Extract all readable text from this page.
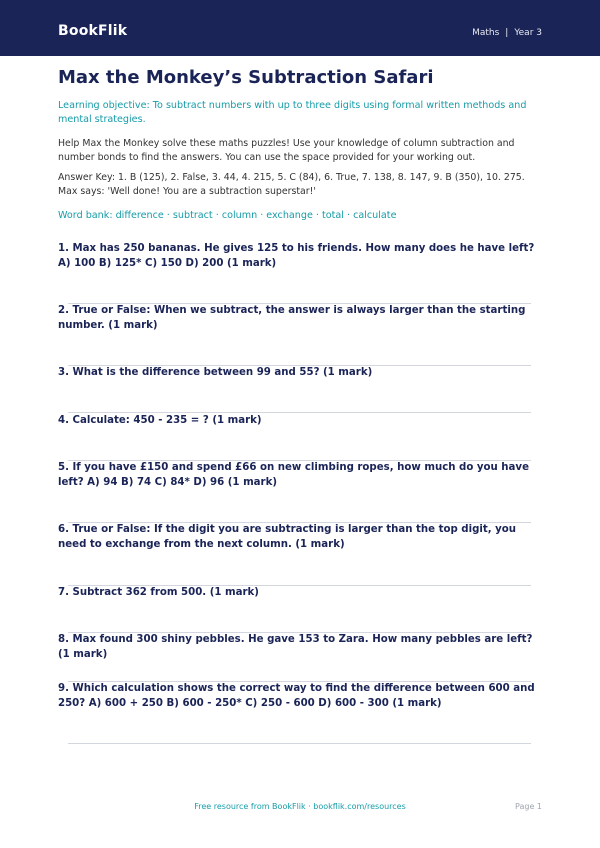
BookFlik	Maths | Year 3
Max the Monkey’s Subtraction Safari
Learning objective: To subtract numbers with up to three digits using formal written methods and mental strategies.
Help Max the Monkey solve these maths puzzles! Use your knowledge of column subtraction and number bonds to find the answers. You can use the space provided for your working out.
Answer Key: 1. B (125), 2. False, 3. 44, 4. 215, 5. C (84), 6. True, 7. 138, 8. 147, 9. B (350), 10. 275. Max says: 'Well done! You are a subtraction superstar!'
Word bank: difference · subtract · column · exchange · total · calculate
1. Max has 250 bananas. He gives 125 to his friends. How many does he have left? A) 100 B) 125* C) 150 D) 200 (1 mark)
2. True or False: When we subtract, the answer is always larger than the starting number. (1 mark)
3. What is the difference between 99 and 55? (1 mark)
4. Calculate: 450 - 235 = ? (1 mark)
5. If you have £150 and spend £66 on new climbing ropes, how much do you have left? A) 94 B) 74 C) 84* D) 96 (1 mark)
6. True or False: If the digit you are subtracting is larger than the top digit, you need to exchange from the next column. (1 mark)
7. Subtract 362 from 500. (1 mark)
8. Max found 300 shiny pebbles. He gave 153 to Zara. How many pebbles are left? (1 mark)
9. Which calculation shows the correct way to find the difference between 600 and 250? A) 600 + 250 B) 600 - 250* C) 250 - 600 D) 600 - 300 (1 mark)
Free resource from BookFlik · bookflik.com/resources	Page 1
